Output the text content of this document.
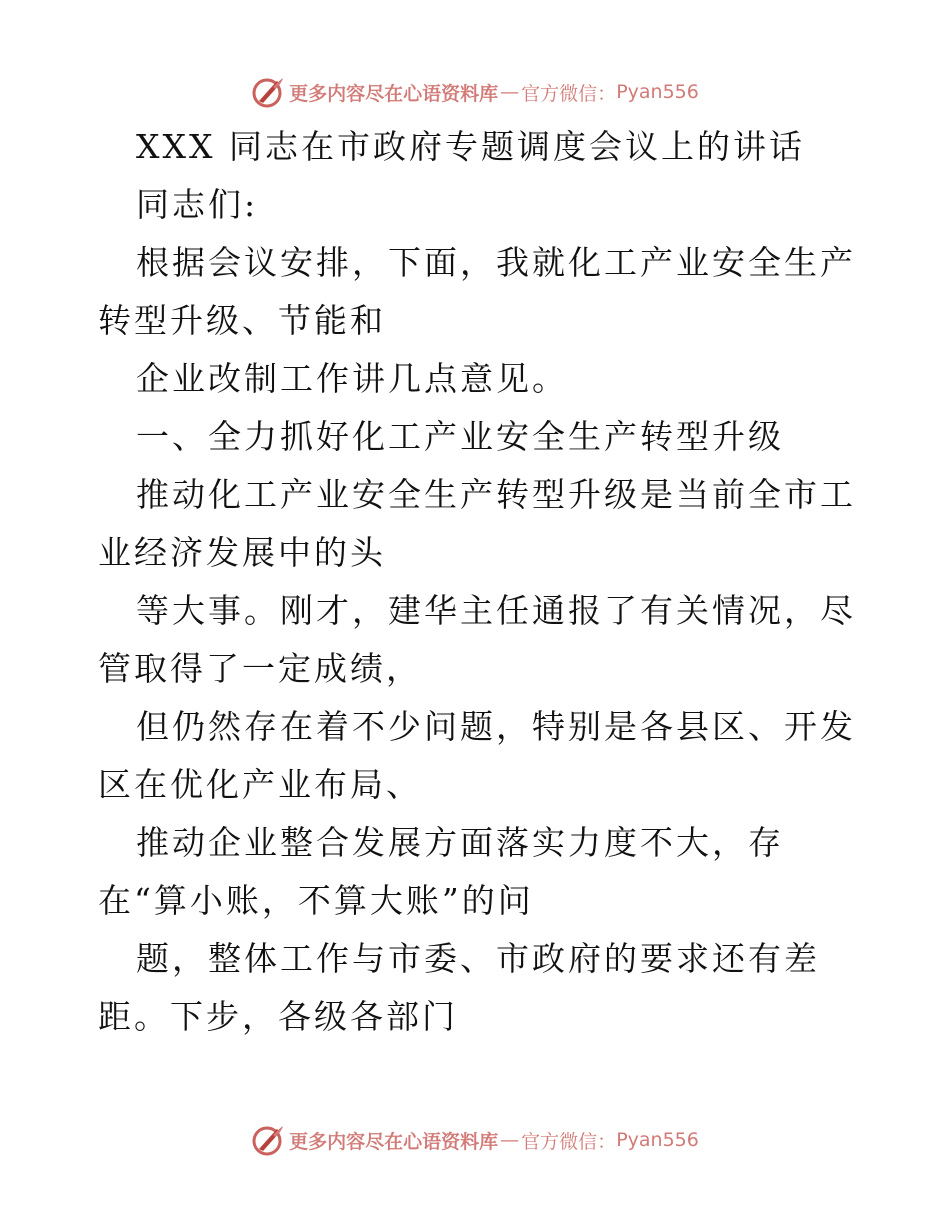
更多内容尽在心语资料库 — 官方微信： Pyan556

XXX 同志在市政府专题调度会议上的讲话

同志们:

根据会议安排，下面，我就化工产业安全生产转型升级、节能和

企业改制工作讲几点意见。

一、全力抓好化工产业安全生产转型升级

推动化工产业安全生产转型升级是当前全市工业经济发展中的头

等大事。刚才，建华主任通报了有关情况，尽管取得了一定成绩，

但仍然存在着不少问题，特别是各县区、开发区在优化产业布局、

推动企业整合发展方面落实力度不大，存在“算小账，不算大账”的问

题，整体工作与市委、市政府的要求还有差距。下步，各级各部门

更多内容尽在心语资料库 — 官方微信： Pyan556
